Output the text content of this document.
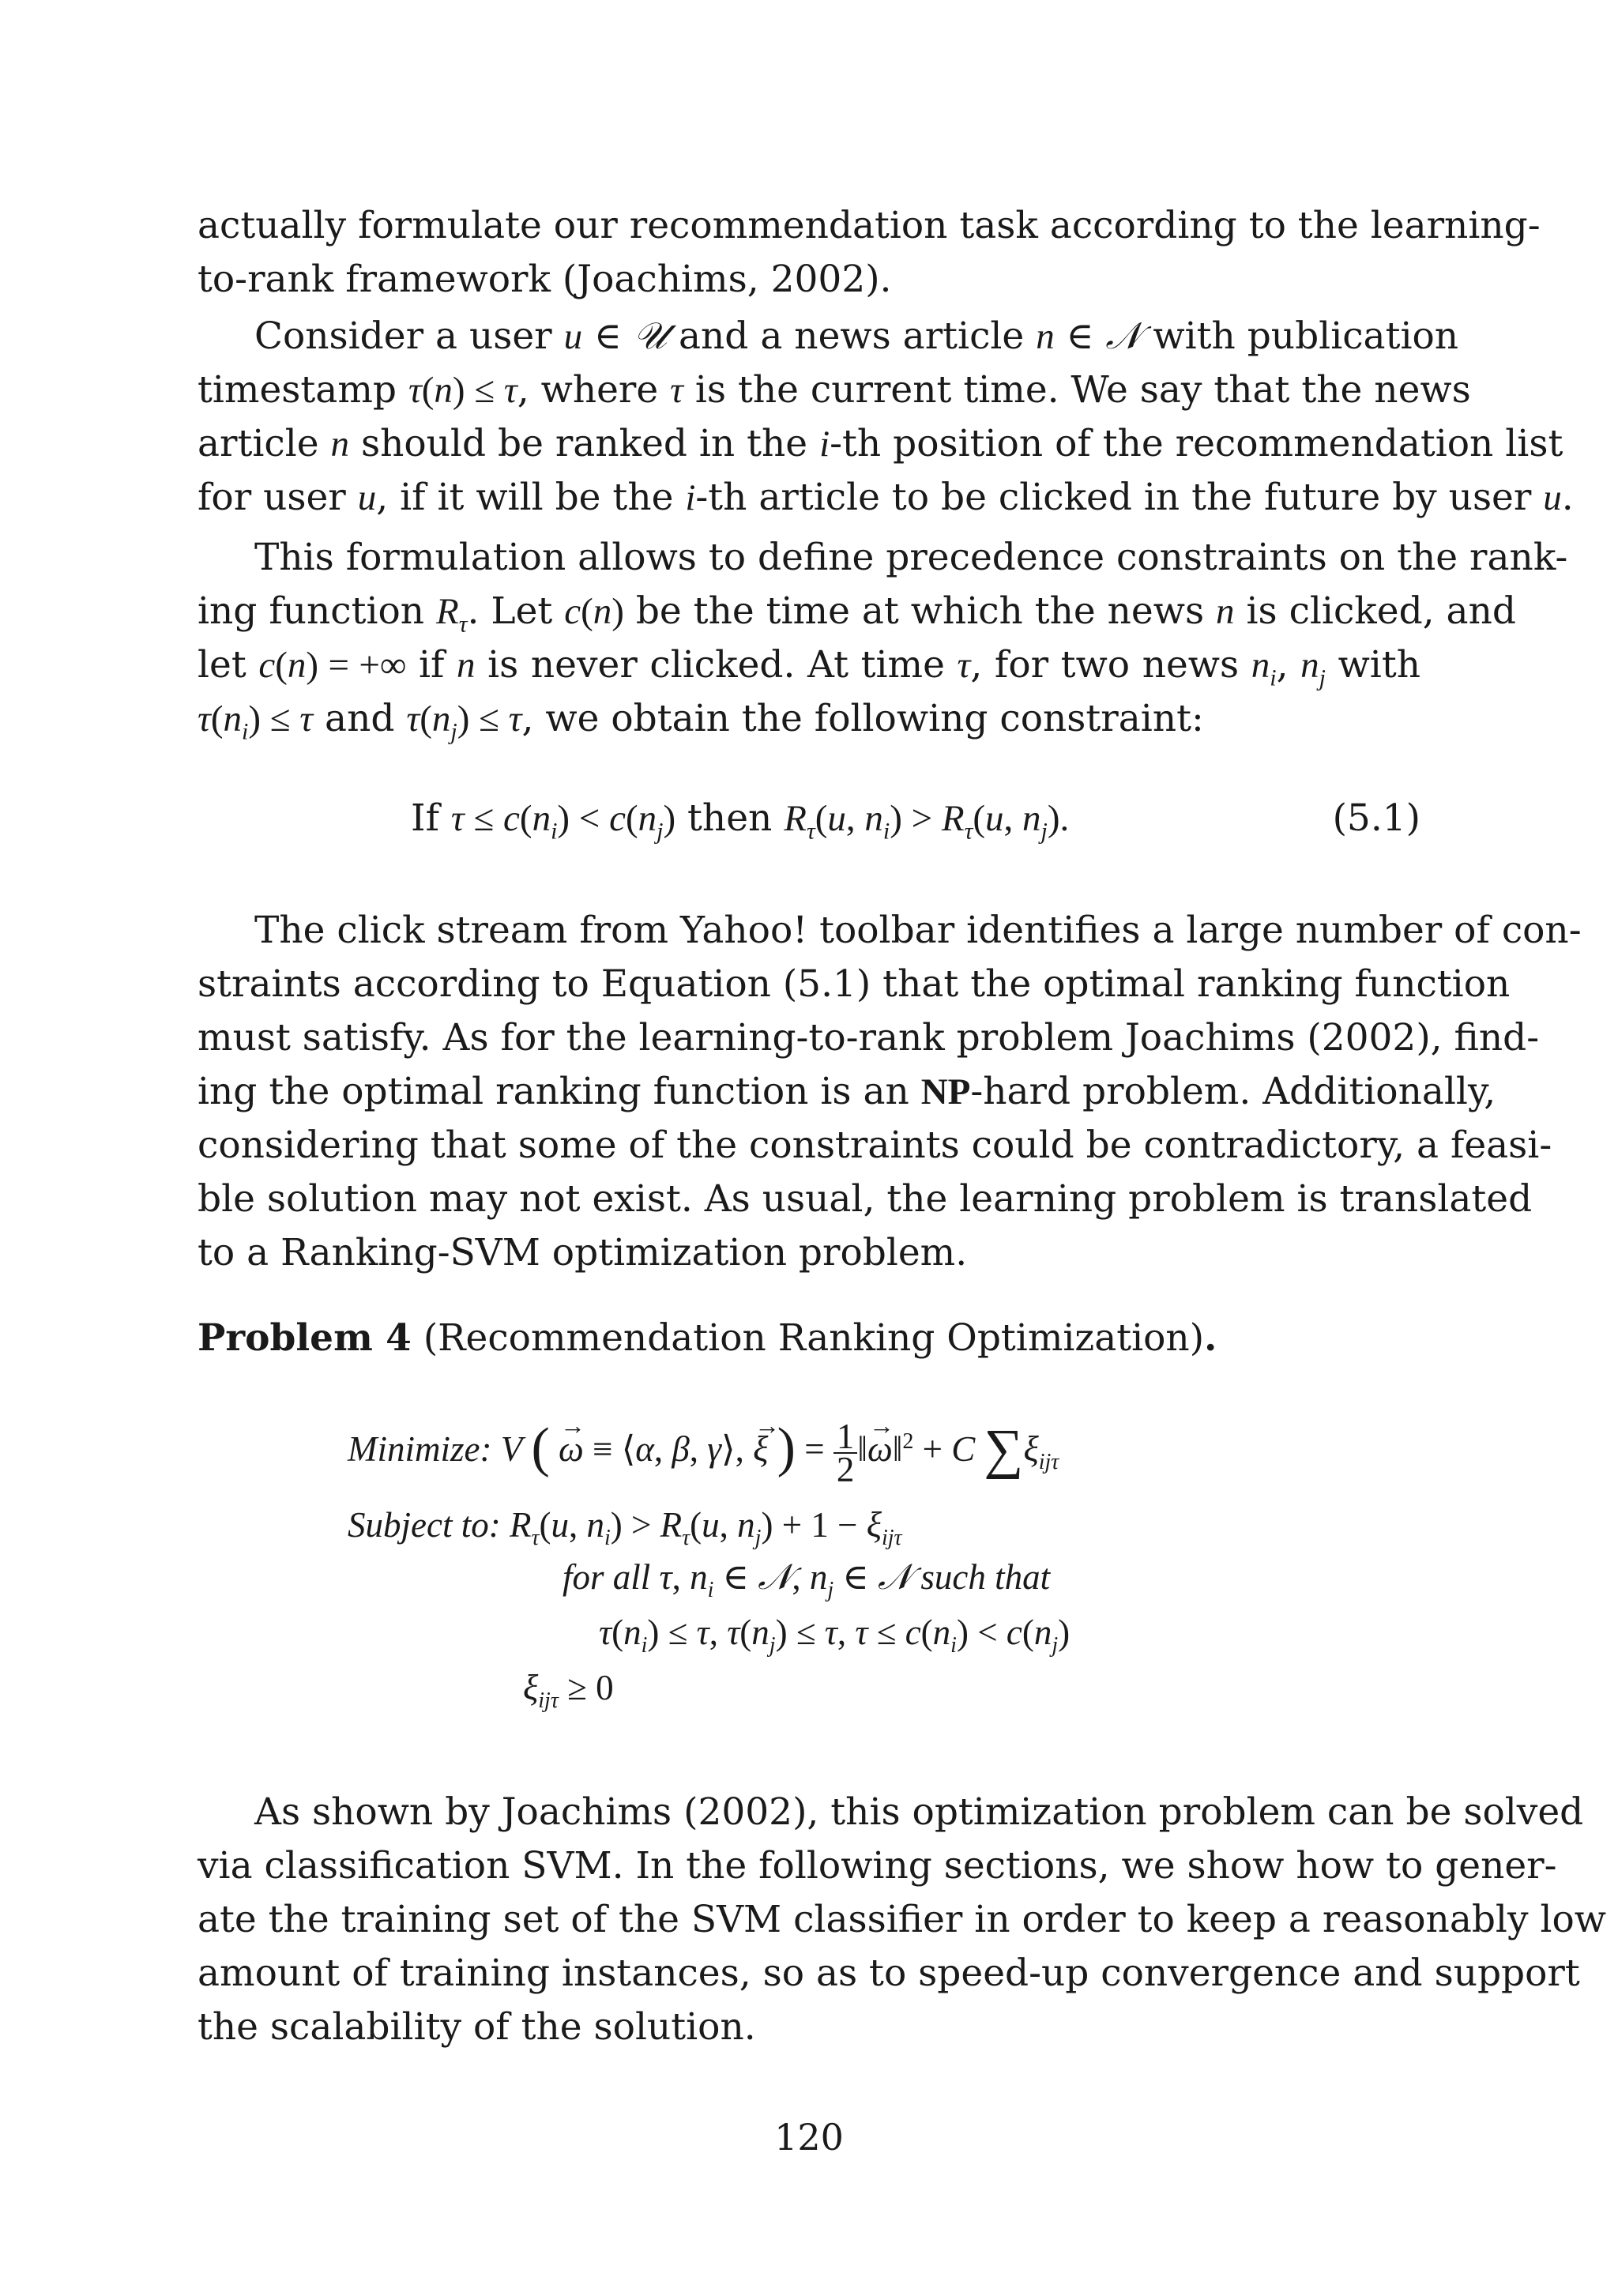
actually formulate our recommendation task according to the learning-
to-rank framework (Joachims, 2002).
Consider a user u ∈ 𝒰 and a news article n ∈ 𝒩 with publication
timestamp τ(n) ≤ τ, where τ is the current time. We say that the news
article n should be ranked in the i-th position of the recommendation list
for user u, if it will be the i-th article to be clicked in the future by user u.
This formulation allows to define precedence constraints on the rank-
ing function $R_\tau$. Let c(n) be the time at which the news n is clicked, and
let c(n) = +∞ if n is never clicked. At time τ, for two news $n_i$, $n_j$ with
$\tau(n_i) \le \tau$ and $\tau(n_j) \le \tau$, we obtain the following constraint:
If $\tau \le c(n_i) < c(n_j)$ then $R_\tau(u$, $n_i) > R_\tau(u$, $n_j$).	(5.1)
The click stream from Yahoo! toolbar identifies a large number of con-
straints according to Equation (5.1) that the optimal ranking function
must satisfy. As for the learning-to-rank problem Joachims (2002), find-
ing the optimal ranking function is an NP-hard problem. Additionally,
considering that some of the constraints could be contradictory, a feasi-
ble solution may not exist. As usual, the learning problem is translated
to a Ranking-SVM optimization problem.
Problem 4 (Recommendation Ranking Optimization).
Minimize: V ( → ω ≡ ⟨α, β, γ⟩, → ξ ) = $\frac{1}{2}$ ‖→ ω‖$^2$ + C $\sum\xi_{ij\tau}$
Subject to: $R_\tau(u$, $n_i) > R_\tau(u$, $n_j) + 1 - \xi_{ij\tau}$
for all τ, $n_i$ ∈ 𝒩, $n_j$ ∈ 𝒩 such that
$\tau(n_i) \le \tau$, $\tau(n_j) \le \tau$, $\tau \le c(n_i) < c(n_j)$
$\xi_{ij\tau} \ge 0$
As shown by Joachims (2002), this optimization problem can be solved
via classification SVM. In the following sections, we show how to gener-
ate the training set of the SVM classifier in order to keep a reasonably low
amount of training instances, so as to speed-up convergence and support
the scalability of the solution.
120
